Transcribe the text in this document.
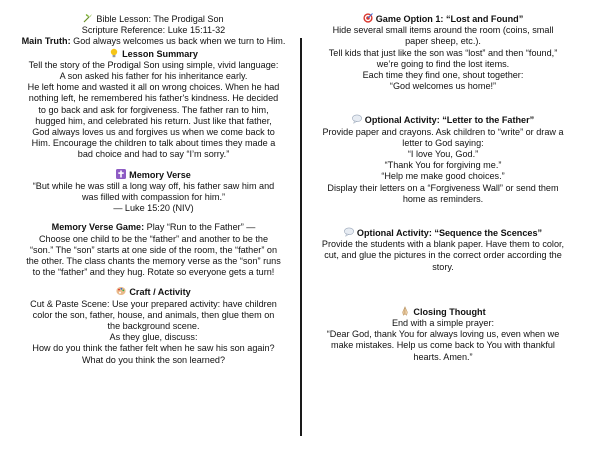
Bible Lesson: The Prodigal Son
Scripture Reference: Luke 15:11-32
Main Truth: God always welcomes us back when we turn to Him.
Lesson Summary
Tell the story of the Prodigal Son using simple, vivid language:
A son asked his father for his inheritance early.
He left home and wasted it all on wrong choices. When he had
nothing left, he remembered his father's kindness. He decided
to go back and ask for forgiveness. The father ran to him,
hugged him, and celebrated his return. Just like that father,
God always loves us and forgives us when we come back to
Him. Encourage the children to talk about times they made a
bad choice and had to say “I’m sorry.”
Memory Verse
“But while he was still a long way off, his father saw him and
was filled with compassion for him.”
— Luke 15:20 (NIV)
Memory Verse Game: Play “Run to the Father” —
Choose one child to be the “father” and another to be the
“son.” The “son” starts at one side of the room, the “father” on
the other. The class chants the memory verse as the “son” runs
to the “father” and they hug. Rotate so everyone gets a turn!
Craft / Activity
Cut & Paste Scene: Use your prepared activity: have children
color the son, father, house, and animals, then glue them on
the background scene.
As they glue, discuss:
How do you think the father felt when he saw his son again?
What do you think the son learned?
Game Option 1: “Lost and Found”
Hide several small items around the room (coins, small
paper sheep, etc.).
Tell kids that just like the son was “lost” and then “found,”
we’re going to find the lost items.
Each time they find one, shout together:
“God welcomes us home!”
Optional Activity: “Letter to the Father”
Provide paper and crayons. Ask children to “write” or draw a
letter to God saying:
“I love You, God.”
“Thank You for forgiving me.”
“Help me make good choices.”
Display their letters on a “Forgiveness Wall” or send them
home as reminders.
Optional Activity: “Sequence the Scences”
Provide the students with a blank paper. Have them to color,
cut, and glue the pictures in the correct order according the
story.
Closing Thought
End with a simple prayer:
“Dear God, thank You for always loving us, even when we
make mistakes. Help us come back to You with thankful
hearts. Amen.”
